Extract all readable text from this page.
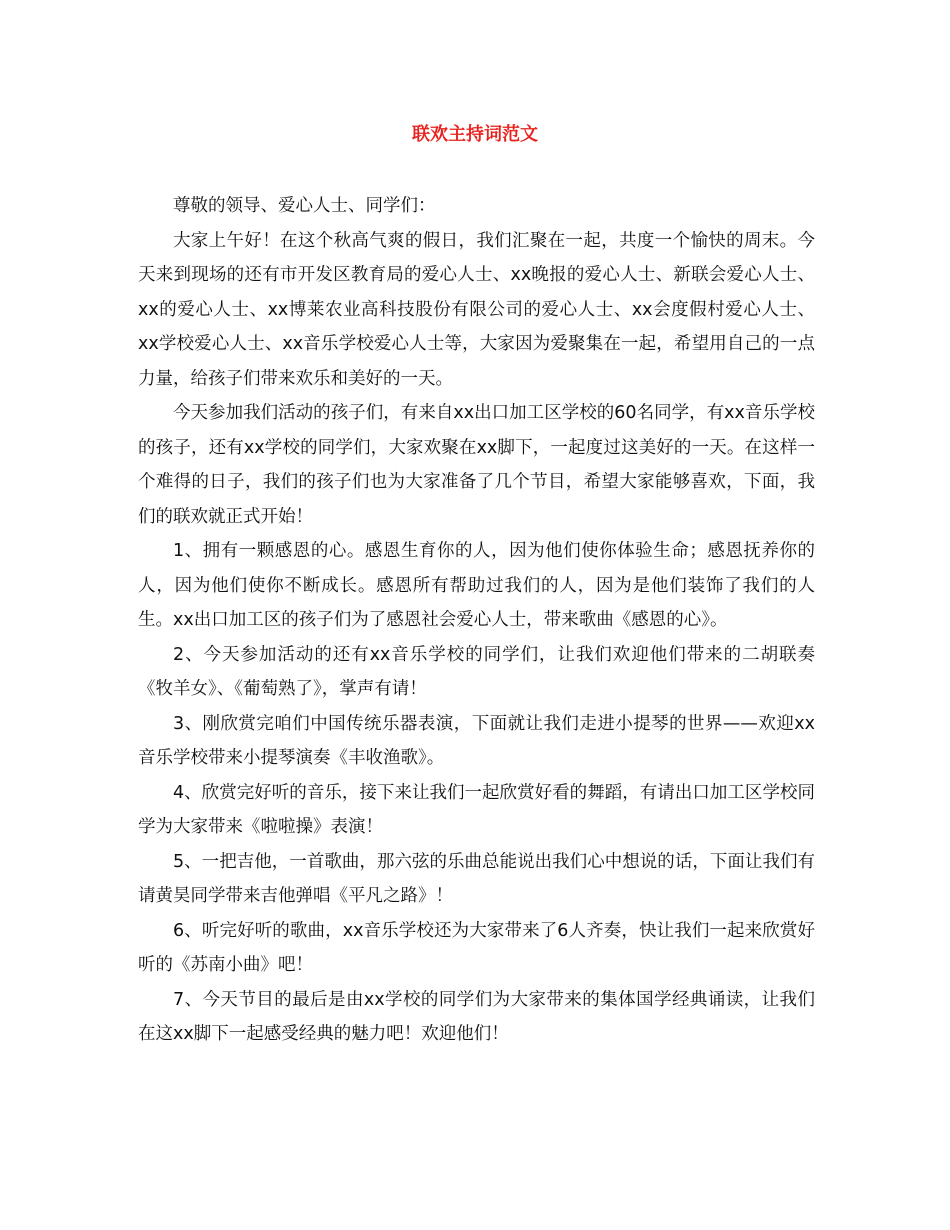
联欢主持词范文

尊敬的领导、爱心人士、同学们：

大家上午好！在这个秋高气爽的假日，我们汇聚在一起，共度一个愉快的周末。今天来到现场的还有市开发区教育局的爱心人士、xx晚报的爱心人士、新联会爱心人士、xx的爱心人士、xx博莱农业高科技股份有限公司的爱心人士、xx会度假村爱心人士、xx学校爱心人士、xx音乐学校爱心人士等，大家因为爱聚集在一起，希望用自己的一点力量，给孩子们带来欢乐和美好的一天。

今天参加我们活动的孩子们，有来自xx出口加工区学校的60名同学，有xx音乐学校的孩子，还有xx学校的同学们，大家欢聚在xx脚下，一起度过这美好的一天。在这样一个难得的日子，我们的孩子们也为大家准备了几个节目，希望大家能够喜欢，下面，我们的联欢就正式开始！

1、拥有一颗感恩的心。感恩生育你的人，因为他们使你体验生命；感恩抚养你的人，因为他们使你不断成长。感恩所有帮助过我们的人，因为是他们装饰了我们的人生。xx出口加工区的孩子们为了感恩社会爱心人士，带来歌曲《感恩的心》。

2、今天参加活动的还有xx音乐学校的同学们，让我们欢迎他们带来的二胡联奏《牧羊女》、《葡萄熟了》，掌声有请！

3、刚欣赏完咱们中国传统乐器表演，下面就让我们走进小提琴的世界——欢迎xx音乐学校带来小提琴演奏《丰收渔歌》。

4、欣赏完好听的音乐，接下来让我们一起欣赏好看的舞蹈，有请出口加工区学校同学为大家带来《啦啦操》表演！

5、一把吉他，一首歌曲，那六弦的乐曲总能说出我们心中想说的话，下面让我们有请黄昊同学带来吉他弹唱《平凡之路》！

6、听完好听的歌曲，xx音乐学校还为大家带来了6人齐奏，快让我们一起来欣赏好听的《苏南小曲》吧！

7、今天节目的最后是由xx学校的同学们为大家带来的集体国学经典诵读，让我们在这xx脚下一起感受经典的魅力吧！欢迎他们！
